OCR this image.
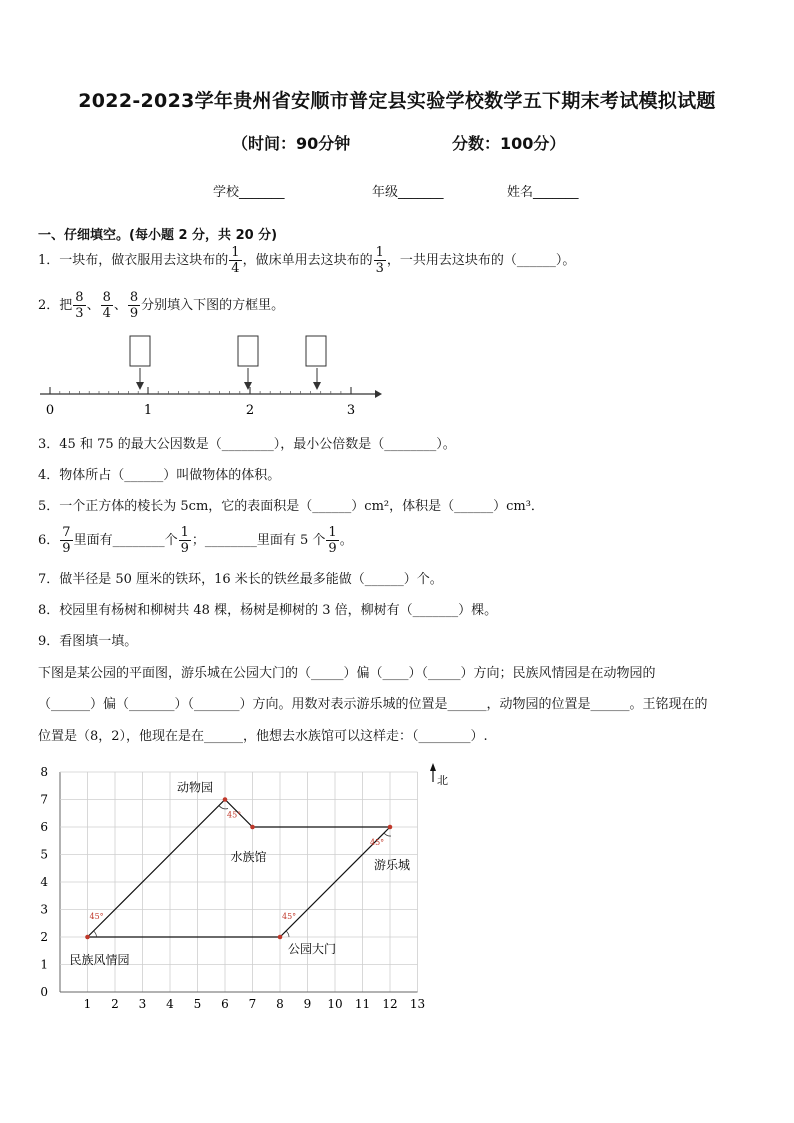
2022-2023学年贵州省安顺市普定县实验学校数学五下期末考试模拟试题
（时间：90分钟	分数：100分）
学校_______	年级_______	姓名_______
一、仔细填空。(每小题 2 分，共 20 分)
1．一块布，做衣服用去这块布的 $\frac{1}{4}$ ，做床单用去这块布的 $\frac{1}{3}$ ，一共用去这块布的（______）。
2．把 $\frac{8}{3}$ 、 $\frac{8}{4}$ 、 $\frac{8}{9}$ 分别填入下图的方框里。
0	1	2	3
3．45 和 75 的最大公因数是（________），最小公倍数是（________）。
4．物体所占（______）叫做物体的体积。
5．一个正方体的棱长为 5cm，它的表面积是（______）cm²，体积是（______）cm³．
6． $\frac{7}{9}$ 里面有________个 $\frac{1}{9}$ ；________里面有 5 个 $\frac{1}{9}$ 。
7．做半径是 50 厘米的铁环，16 米长的铁丝最多能做（______）个。
8．校园里有杨树和柳树共 48 棵，杨树是柳树的 3 倍，柳树有（_______）棵。
9．看图填一填。
下图是某公园的平面图，游乐城在公园大门的（_____）偏（____）（_____）方向；民族风情园是在动物园的
（______）偏（_______）（_______）方向。用数对表示游乐城的位置是______，动物园的位置是______。王铭现在的
位置是（8，2），他现在是在______，他想去水族馆可以这样走：（________）.
1 2 3 4 5 6 7 8 9 10 11 12 13
0
1
2
3
4
5
6
7
8
45°	45°
45°
45°
民族风情园
动物园
水族馆
游乐城
公园大门
北
